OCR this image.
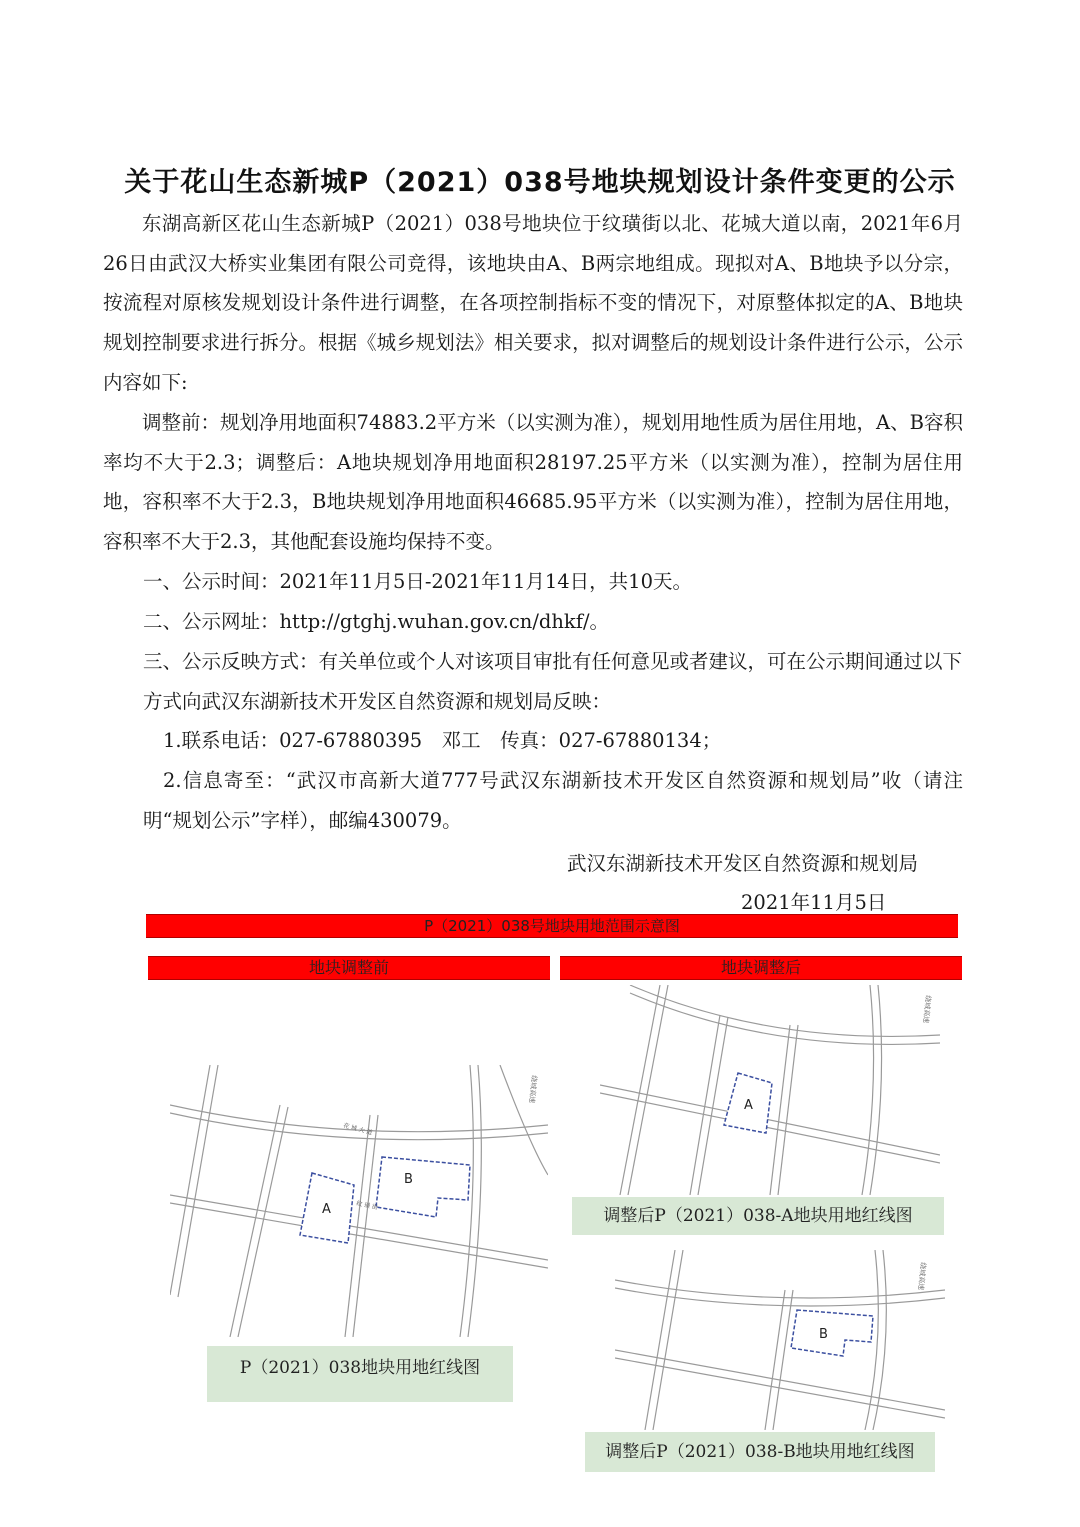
关于花山生态新城P（2021）038号地块规划设计条件变更的公示

东湖高新区花山生态新城P（2021）038号地块位于纹璜街以北、花城大道以南，2021年6月26日由武汉大桥实业集团有限公司竞得，该地块由A、B两宗地组成。现拟对A、B地块予以分宗，按流程对原核发规划设计条件进行调整，在各项控制指标不变的情况下，对原整体拟定的A、B地块规划控制要求进行拆分。根据《城乡规划法》相关要求，拟对调整后的规划设计条件进行公示，公示内容如下:

调整前：规划净用地面积74883.2平方米（以实测为准），规划用地性质为居住用地，A、B容积率均不大于2.3；调整后：A地块规划净用地面积28197.25平方米（以实测为准），控制为居住用地，容积率不大于2.3，B地块规划净用地面积46685.95平方米（以实测为准），控制为居住用地，容积率不大于2.3，其他配套设施均保持不变。

一、公示时间：2021年11月5日-2021年11月14日，共10天。

二、公示网址：http://gtghj.wuhan.gov.cn/dhkf/。

三、公示反映方式：有关单位或个人对该项目审批有任何意见或者建议，可在公示期间通过以下方式向武汉东湖新技术开发区自然资源和规划局反映：

1.联系电话：027-67880395　邓工　传真：027-67880134；

2.信息寄至：“武汉市高新大道777号武汉东湖新技术开发区自然资源和规划局”收（请注明“规划公示”字样），邮编430079。

武汉东湖新技术开发区自然资源和规划局
2021年11月5日
P（2021）038号地块用地范围示意图
地块调整前	地块调整后
A
B
花 城 大 道
绕城高速
纹 璜 街
A
绕城高速
B
绕城高速
P（2021）038地块用地红线图
调整后P（2021）038-A地块用地红线图
调整后P（2021）038-B地块用地红线图
